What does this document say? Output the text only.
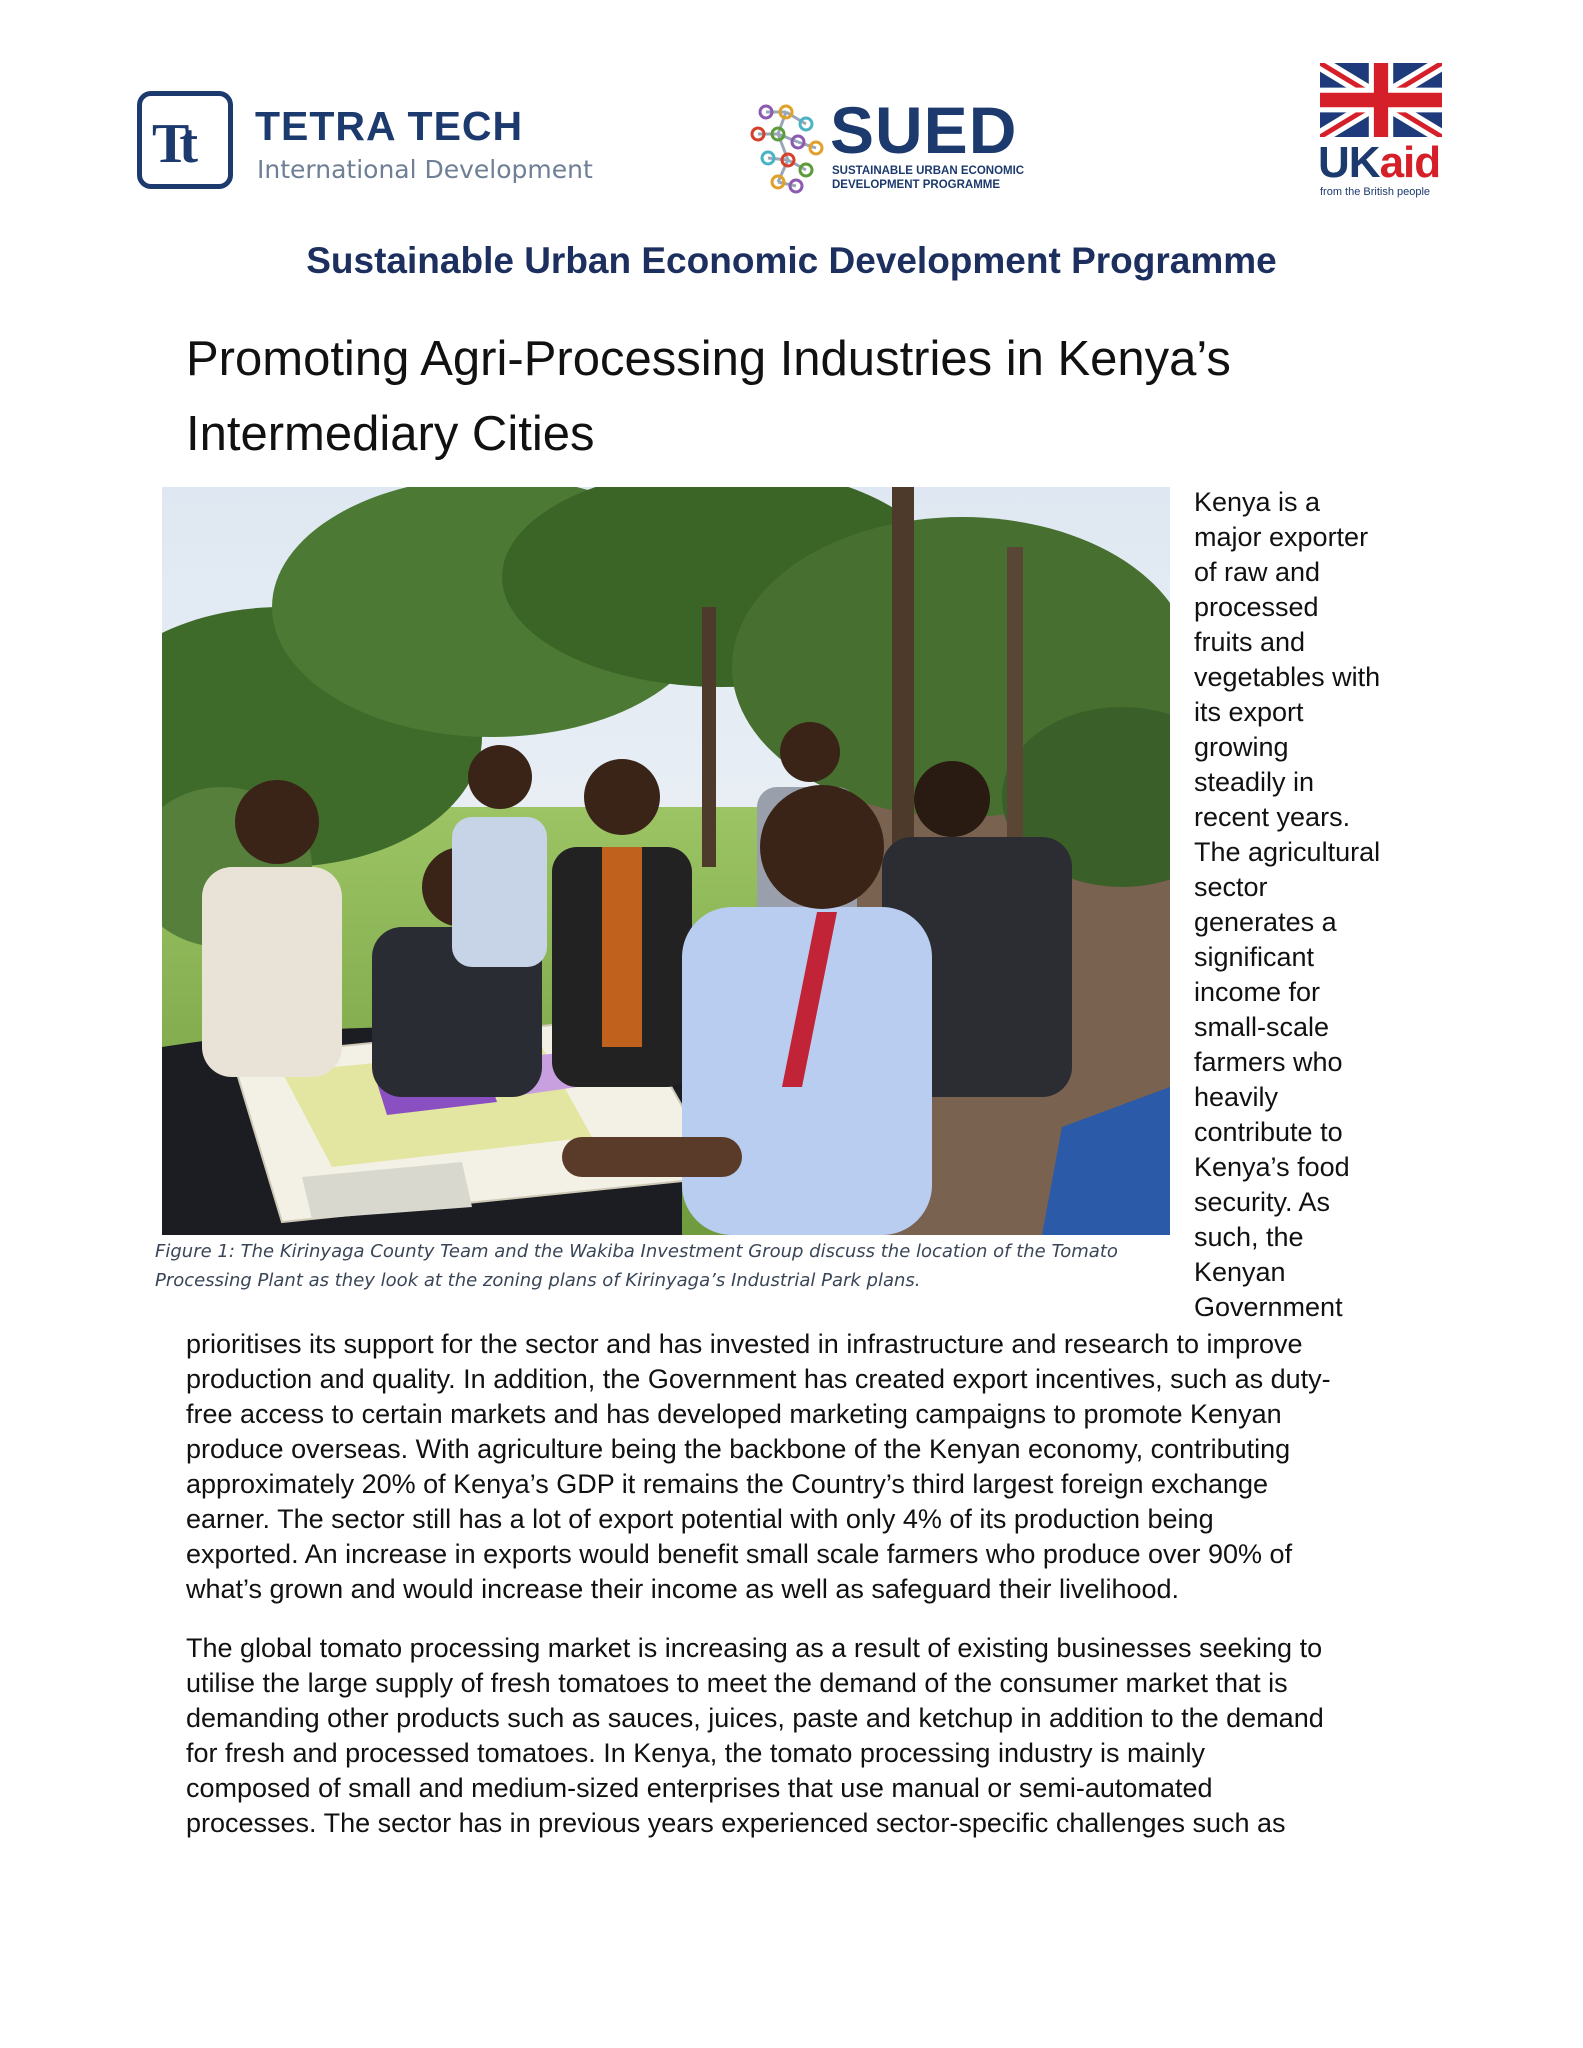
Tt TETRA TECH
International Development
SUED
SUSTAINABLE URBAN ECONOMIC
DEVELOPMENT PROGRAMME	UKaid
from the British people
Sustainable Urban Economic Development Programme
Promoting Agri-Processing Industries in Kenya’s
Intermediary Cities
Figure 1: The Kirinyaga County Team and the Wakiba Investment Group discuss the location of the Tomato
Processing Plant as they look at the zoning plans of Kirinyaga’s Industrial Park plans.
Kenya is a
major exporter
of raw and
processed
fruits and
vegetables with
its export
growing
steadily in
recent years.
The agricultural
sector
generates a
significant
income for
small-scale
farmers who
heavily
contribute to
Kenya’s food
security. As
such, the
Kenyan
Government
prioritises its support for the sector and has invested in infrastructure and research to improve
production and quality. In addition, the Government has created export incentives, such as duty-
free access to certain markets and has developed marketing campaigns to promote Kenyan
produce overseas. With agriculture being the backbone of the Kenyan economy, contributing
approximately 20% of Kenya’s GDP it remains the Country’s third largest foreign exchange
earner. The sector still has a lot of export potential with only 4% of its production being
exported. An increase in exports would benefit small scale farmers who produce over 90% of
what’s grown and would increase their income as well as safeguard their livelihood.
The global tomato processing market is increasing as a result of existing businesses seeking to
utilise the large supply of fresh tomatoes to meet the demand of the consumer market that is
demanding other products such as sauces, juices, paste and ketchup in addition to the demand
for fresh and processed tomatoes. In Kenya, the tomato processing industry is mainly
composed of small and medium-sized enterprises that use manual or semi-automated
processes. The sector has in previous years experienced sector-specific challenges such as
